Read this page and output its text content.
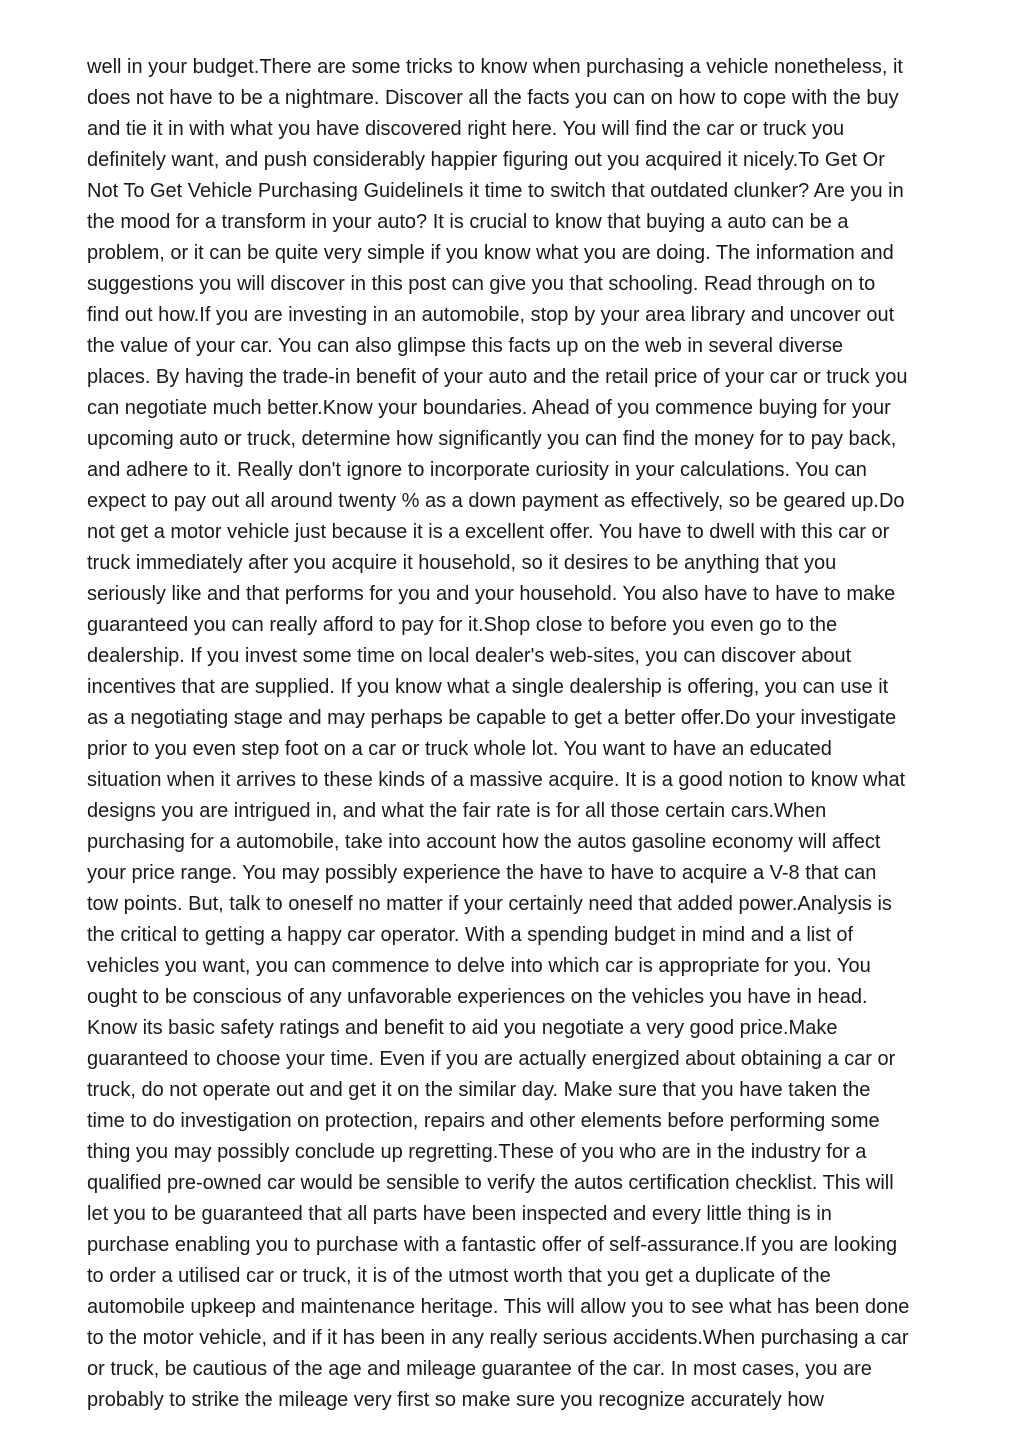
well in your budget.There are some tricks to know when purchasing a vehicle nonetheless, it
does not have to be a nightmare. Discover all the facts you can on how to cope with the buy
and tie it in with what you have discovered right here. You will find the car or truck you
definitely want, and push considerably happier figuring out you acquired it nicely.To Get Or
Not To Get Vehicle Purchasing GuidelineIs it time to switch that outdated clunker? Are you in
the mood for a transform in your auto? It is crucial to know that buying a auto can be a
problem, or it can be quite very simple if you know what you are doing. The information and
suggestions you will discover in this post can give you that schooling. Read through on to
find out how.If you are investing in an automobile, stop by your area library and uncover out
the value of your car. You can also glimpse this facts up on the web in several diverse
places. By having the trade-in benefit of your auto and the retail price of your car or truck you
can negotiate much better.Know your boundaries. Ahead of you commence buying for your
upcoming auto or truck, determine how significantly you can find the money for to pay back,
and adhere to it. Really don't ignore to incorporate curiosity in your calculations. You can
expect to pay out all around twenty % as a down payment as effectively, so be geared up.Do
not get a motor vehicle just because it is a excellent offer. You have to dwell with this car or
truck immediately after you acquire it household, so it desires to be anything that you
seriously like and that performs for you and your household. You also have to have to make
guaranteed you can really afford to pay for it.Shop close to before you even go to the
dealership. If you invest some time on local dealer's web-sites, you can discover about
incentives that are supplied. If you know what a single dealership is offering, you can use it
as a negotiating stage and may perhaps be capable to get a better offer.Do your investigate
prior to you even step foot on a car or truck whole lot. You want to have an educated
situation when it arrives to these kinds of a massive acquire. It is a good notion to know what
designs you are intrigued in, and what the fair rate is for all those certain cars.When
purchasing for a automobile, take into account how the autos gasoline economy will affect
your price range. You may possibly experience the have to have to acquire a V-8 that can
tow points. But, talk to oneself no matter if your certainly need that added power.Analysis is
the critical to getting a happy car operator. With a spending budget in mind and a list of
vehicles you want, you can commence to delve into which car is appropriate for you. You
ought to be conscious of any unfavorable experiences on the vehicles you have in head.
Know its basic safety ratings and benefit to aid you negotiate a very good price.Make
guaranteed to choose your time. Even if you are actually energized about obtaining a car or
truck, do not operate out and get it on the similar day. Make sure that you have taken the
time to do investigation on protection, repairs and other elements before performing some
thing you may possibly conclude up regretting.These of you who are in the industry for a
qualified pre-owned car would be sensible to verify the autos certification checklist. This will
let you to be guaranteed that all parts have been inspected and every little thing is in
purchase enabling you to purchase with a fantastic offer of self-assurance.If you are looking
to order a utilised car or truck, it is of the utmost worth that you get a duplicate of the
automobile upkeep and maintenance heritage. This will allow you to see what has been done
to the motor vehicle, and if it has been in any really serious accidents.When purchasing a car
or truck, be cautious of the age and mileage guarantee of the car. In most cases, you are
probably to strike the mileage very first so make sure you recognize accurately how
